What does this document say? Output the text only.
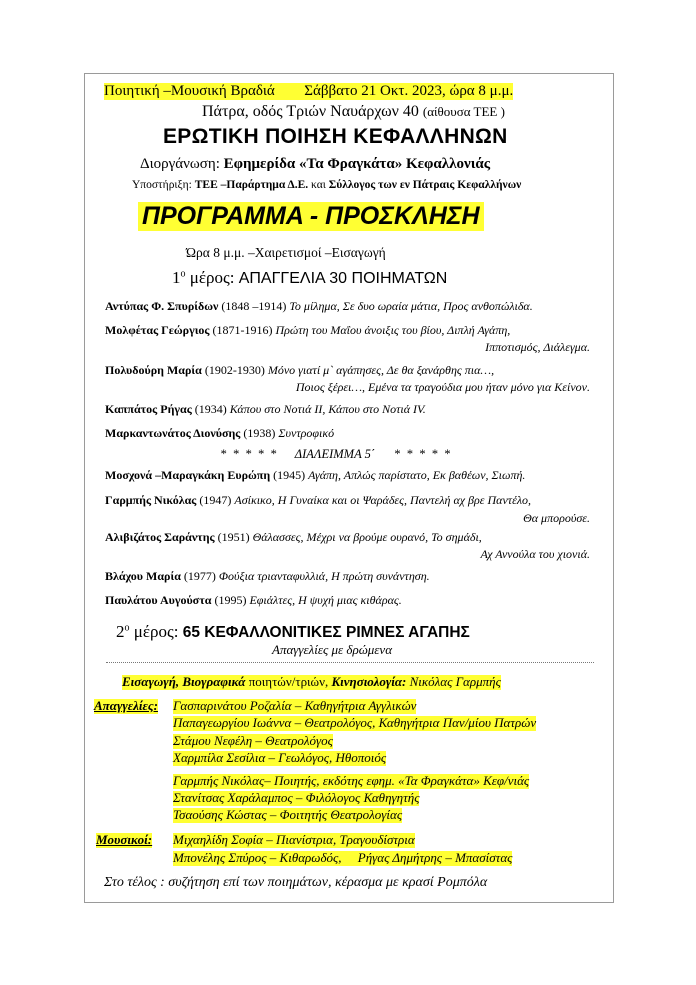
Ποιητική –Μουσική Βραδιά Σάββατο 21 Οκτ. 2023, ώρα 8 μ.μ.
Πάτρα, οδός Τριών Ναυάρχων 40 (αίθουσα ΤΕΕ )
ΕΡΩΤΙΚΗ ΠΟΙΗΣΗ ΚΕΦΑΛΛΗΝΩΝ
Διοργάνωση: Εφημερίδα «Τα Φραγκάτα» Κεφαλλονιάς
Υποστήριξη: ΤΕΕ –Παράρτημα Δ.Ε. και Σύλλογος των εν Πάτραις Κεφαλλήνων
ΠΡΟΓΡΑΜΜΑ - ΠΡΟΣΚΛΗΣΗ
Ώρα 8 μ.μ. –Χαιρετισμοί –Εισαγωγή
$1^o$ μέρος: ΑΠΑΓΓΕΛΙΑ 30 ΠΟΙΗΜΑΤΩΝ
Αντύπας Φ. Σπυρίδων (1848 –1914) Το μίλημα, Σε δυο ωραία μάτια, Προς ανθοπώλιδα.
Μολφέτας Γεώργιος (1871-1916) Πρώτη του Μαΐου άνοιξις του βίου, Διπλή Αγάπη,
Ιπποτισμός, Διάλεγμα.
Πολυδούρη Μαρία (1902-1930) Μόνο γιατί μ` αγάπησες, Δε θα ξανάρθης πια…,
Ποιος ξέρει…, Εμένα τα τραγούδια μου ήταν μόνο για Κείνον.
Καππάτος Ρήγας (1934) Κάπου στο Νοτιά ΙΙ, Κάπου στο Νοτιά IV.
Μαρκαντωνάτος Διονύσης (1938) Συντροφικό
*  *  *  *  *      ΔΙΑΛΕΙΜΜΑ 5΄      *  *  *  *  *
Μοσχονά –Μαραγκάκη Ευρώπη (1945) Αγάπη, Απλώς παρίστατο, Εκ βαθέων, Σιωπή.
Γαρμπής Νικόλας (1947) Ασίκικο, Η Γυναίκα και οι Ψαράδες, Παντελή αχ βρε Παντέλο,
Θα μπορούσε.
Αλιβιζάτος Σαράντης (1951) Θάλασσες, Μέχρι να βρούμε ουρανό, Το σημάδι,
Αχ Αννούλα του χιονιά.
Βλάχου Μαρία (1977) Φούξια τριανταφυλλιά, Η πρώτη συνάντηση.
Παυλάτου Αυγούστα (1995) Εφιάλτες, Η ψυχή μιας κιθάρας.
$2^o$ μέρος: 65 ΚΕΦΑΛΛΟΝΙΤΙΚΕΣ ΡΙΜΝΕΣ ΑΓΑΠΗΣ
Απαγγελίες με δρώμενα
Εισαγωγή, Βιογραφικά ποιητών/τριών, Κινησιολογία: Νικόλας Γαρμπής
Απαγγελίες: Γασπαρινάτου Ροζαλία – Καθηγήτρια Αγγλικών
Παπαγεωργίου Ιωάννα – Θεατρολόγος, Καθηγήτρια Παν/μίου Πατρών
Στάμου Νεφέλη – Θεατρολόγος
Χαρμπίλα Σεσίλια – Γεωλόγος, Ηθοποιός
Γαρμπής Νικόλας– Ποιητής, εκδότης εφημ. «Τα Φραγκάτα» Κεφ/νιάς
Στανίτσας Χαράλαμπος – Φιλόλογος Καθηγητής
Τσαούσης Κώστας – Φοιτητής Θεατρολογίας
Μουσικοί: Μιχαηλίδη Σοφία – Πιανίστρια, Τραγουδίστρια
Μπονέλης Σπύρος – Κιθαρωδός,     Ρήγας Δημήτρης – Μπασίστας
Στο τέλος : συζήτηση επί των ποιημάτων, κέρασμα με κρασί Ρομπόλα
